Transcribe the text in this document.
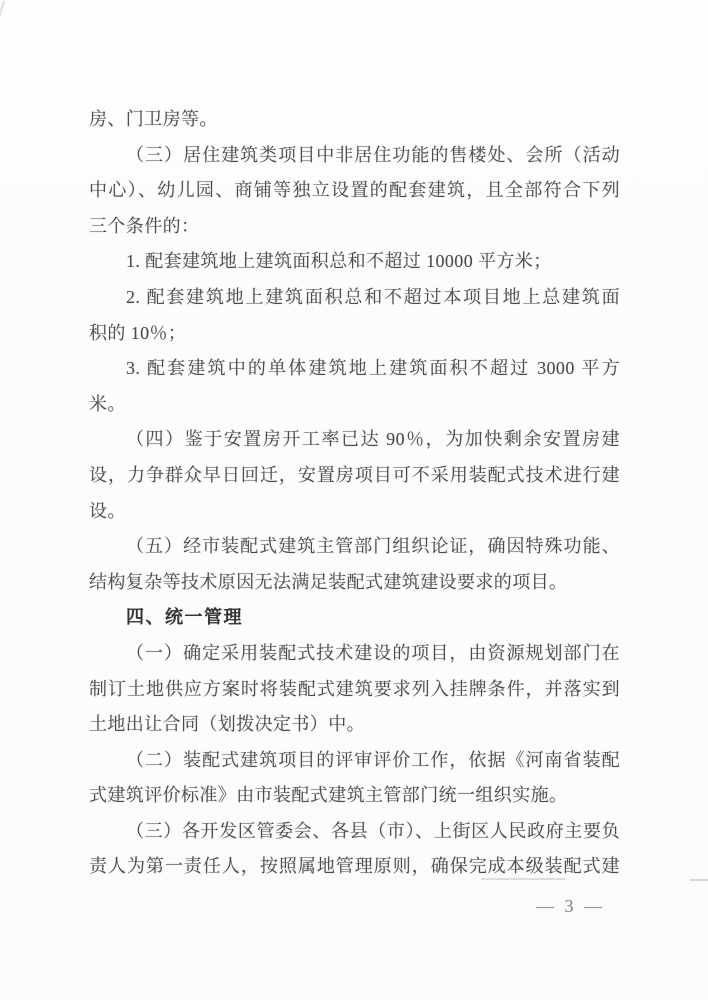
房、门卫房等。
（三）居住建筑类项目中非居住功能的售楼处、会所（活动
中心）、幼儿园、商铺等独立设置的配套建筑，且全部符合下列
三个条件的：
1. 配套建筑地上建筑面积总和不超过 10000 平方米；
2. 配套建筑地上建筑面积总和不超过本项目地上总建筑面
积的 10％；
3. 配套建筑中的单体建筑地上建筑面积不超过 3000 平方
米。
（四）鉴于安置房开工率已达 90％，为加快剩余安置房建
设，力争群众早日回迁，安置房项目可不采用装配式技术进行建
设。
（五）经市装配式建筑主管部门组织论证，确因特殊功能、
结构复杂等技术原因无法满足装配式建筑建设要求的项目。
四、统一管理
（一）确定采用装配式技术建设的项目，由资源规划部门在
制订土地供应方案时将装配式建筑要求列入挂牌条件，并落实到
土地出让合同（划拨决定书）中。
（二）装配式建筑项目的评审评价工作，依据《河南省装配
式建筑评价标准》由市装配式建筑主管部门统一组织实施。
（三）各开发区管委会、各县（市）、上街区人民政府主要负
责人为第一责任人，按照属地管理原则，确保完成本级装配式建
— 3 —
